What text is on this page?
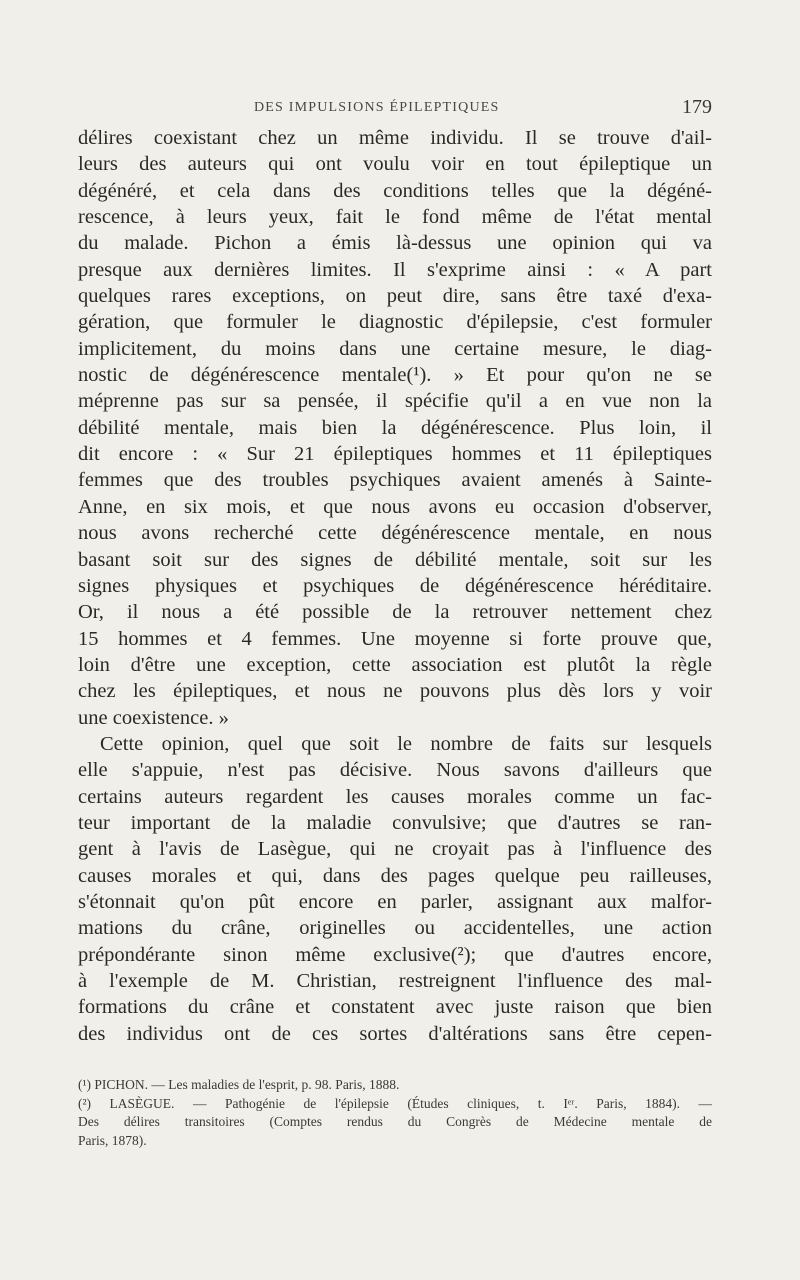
DES IMPULSIONS ÉPILEPTIQUES	179
délires coexistant chez un même individu. Il se trouve d'ail-
leurs des auteurs qui ont voulu voir en tout épileptique un
dégénéré, et cela dans des conditions telles que la dégéné-
rescence, à leurs yeux, fait le fond même de l'état mental
du malade. Pichon a émis là-dessus une opinion qui va
presque aux dernières limites. Il s'exprime ainsi : « A part
quelques rares exceptions, on peut dire, sans être taxé d'exa-
gération, que formuler le diagnostic d'épilepsie, c'est formuler
implicitement, du moins dans une certaine mesure, le diag-
nostic de dégénérescence mentale(¹). » Et pour qu'on ne se
méprenne pas sur sa pensée, il spécifie qu'il a en vue non la
débilité mentale, mais bien la dégénérescence. Plus loin, il
dit encore : « Sur 21 épileptiques hommes et 11 épileptiques
femmes que des troubles psychiques avaient amenés à Sainte-
Anne, en six mois, et que nous avons eu occasion d'observer,
nous avons recherché cette dégénérescence mentale, en nous
basant soit sur des signes de débilité mentale, soit sur les
signes physiques et psychiques de dégénérescence héréditaire.
Or, il nous a été possible de la retrouver nettement chez
15 hommes et 4 femmes. Une moyenne si forte prouve que,
loin d'être une exception, cette association est plutôt la règle
chez les épileptiques, et nous ne pouvons plus dès lors y voir
une coexistence. »
Cette opinion, quel que soit le nombre de faits sur lesquels
elle s'appuie, n'est pas décisive. Nous savons d'ailleurs que
certains auteurs regardent les causes morales comme un fac-
teur important de la maladie convulsive; que d'autres se ran-
gent à l'avis de Lasègue, qui ne croyait pas à l'influence des
causes morales et qui, dans des pages quelque peu railleuses,
s'étonnait qu'on pût encore en parler, assignant aux malfor-
mations du crâne, originelles ou accidentelles, une action
prépondérante sinon même exclusive(²); que d'autres encore,
à l'exemple de M. Christian, restreignent l'influence des mal-
formations du crâne et constatent avec juste raison que bien
des individus ont de ces sortes d'altérations sans être cepen-
(¹) PICHON. — Les maladies de l'esprit, p. 98. Paris, 1888.
(²) LASÈGUE. — Pathogénie de l'épilepsie (Études cliniques, t. Iᵉʳ. Paris, 1884). —
Des délires transitoires (Comptes rendus du Congrès de Médecine mentale de
Paris, 1878).
